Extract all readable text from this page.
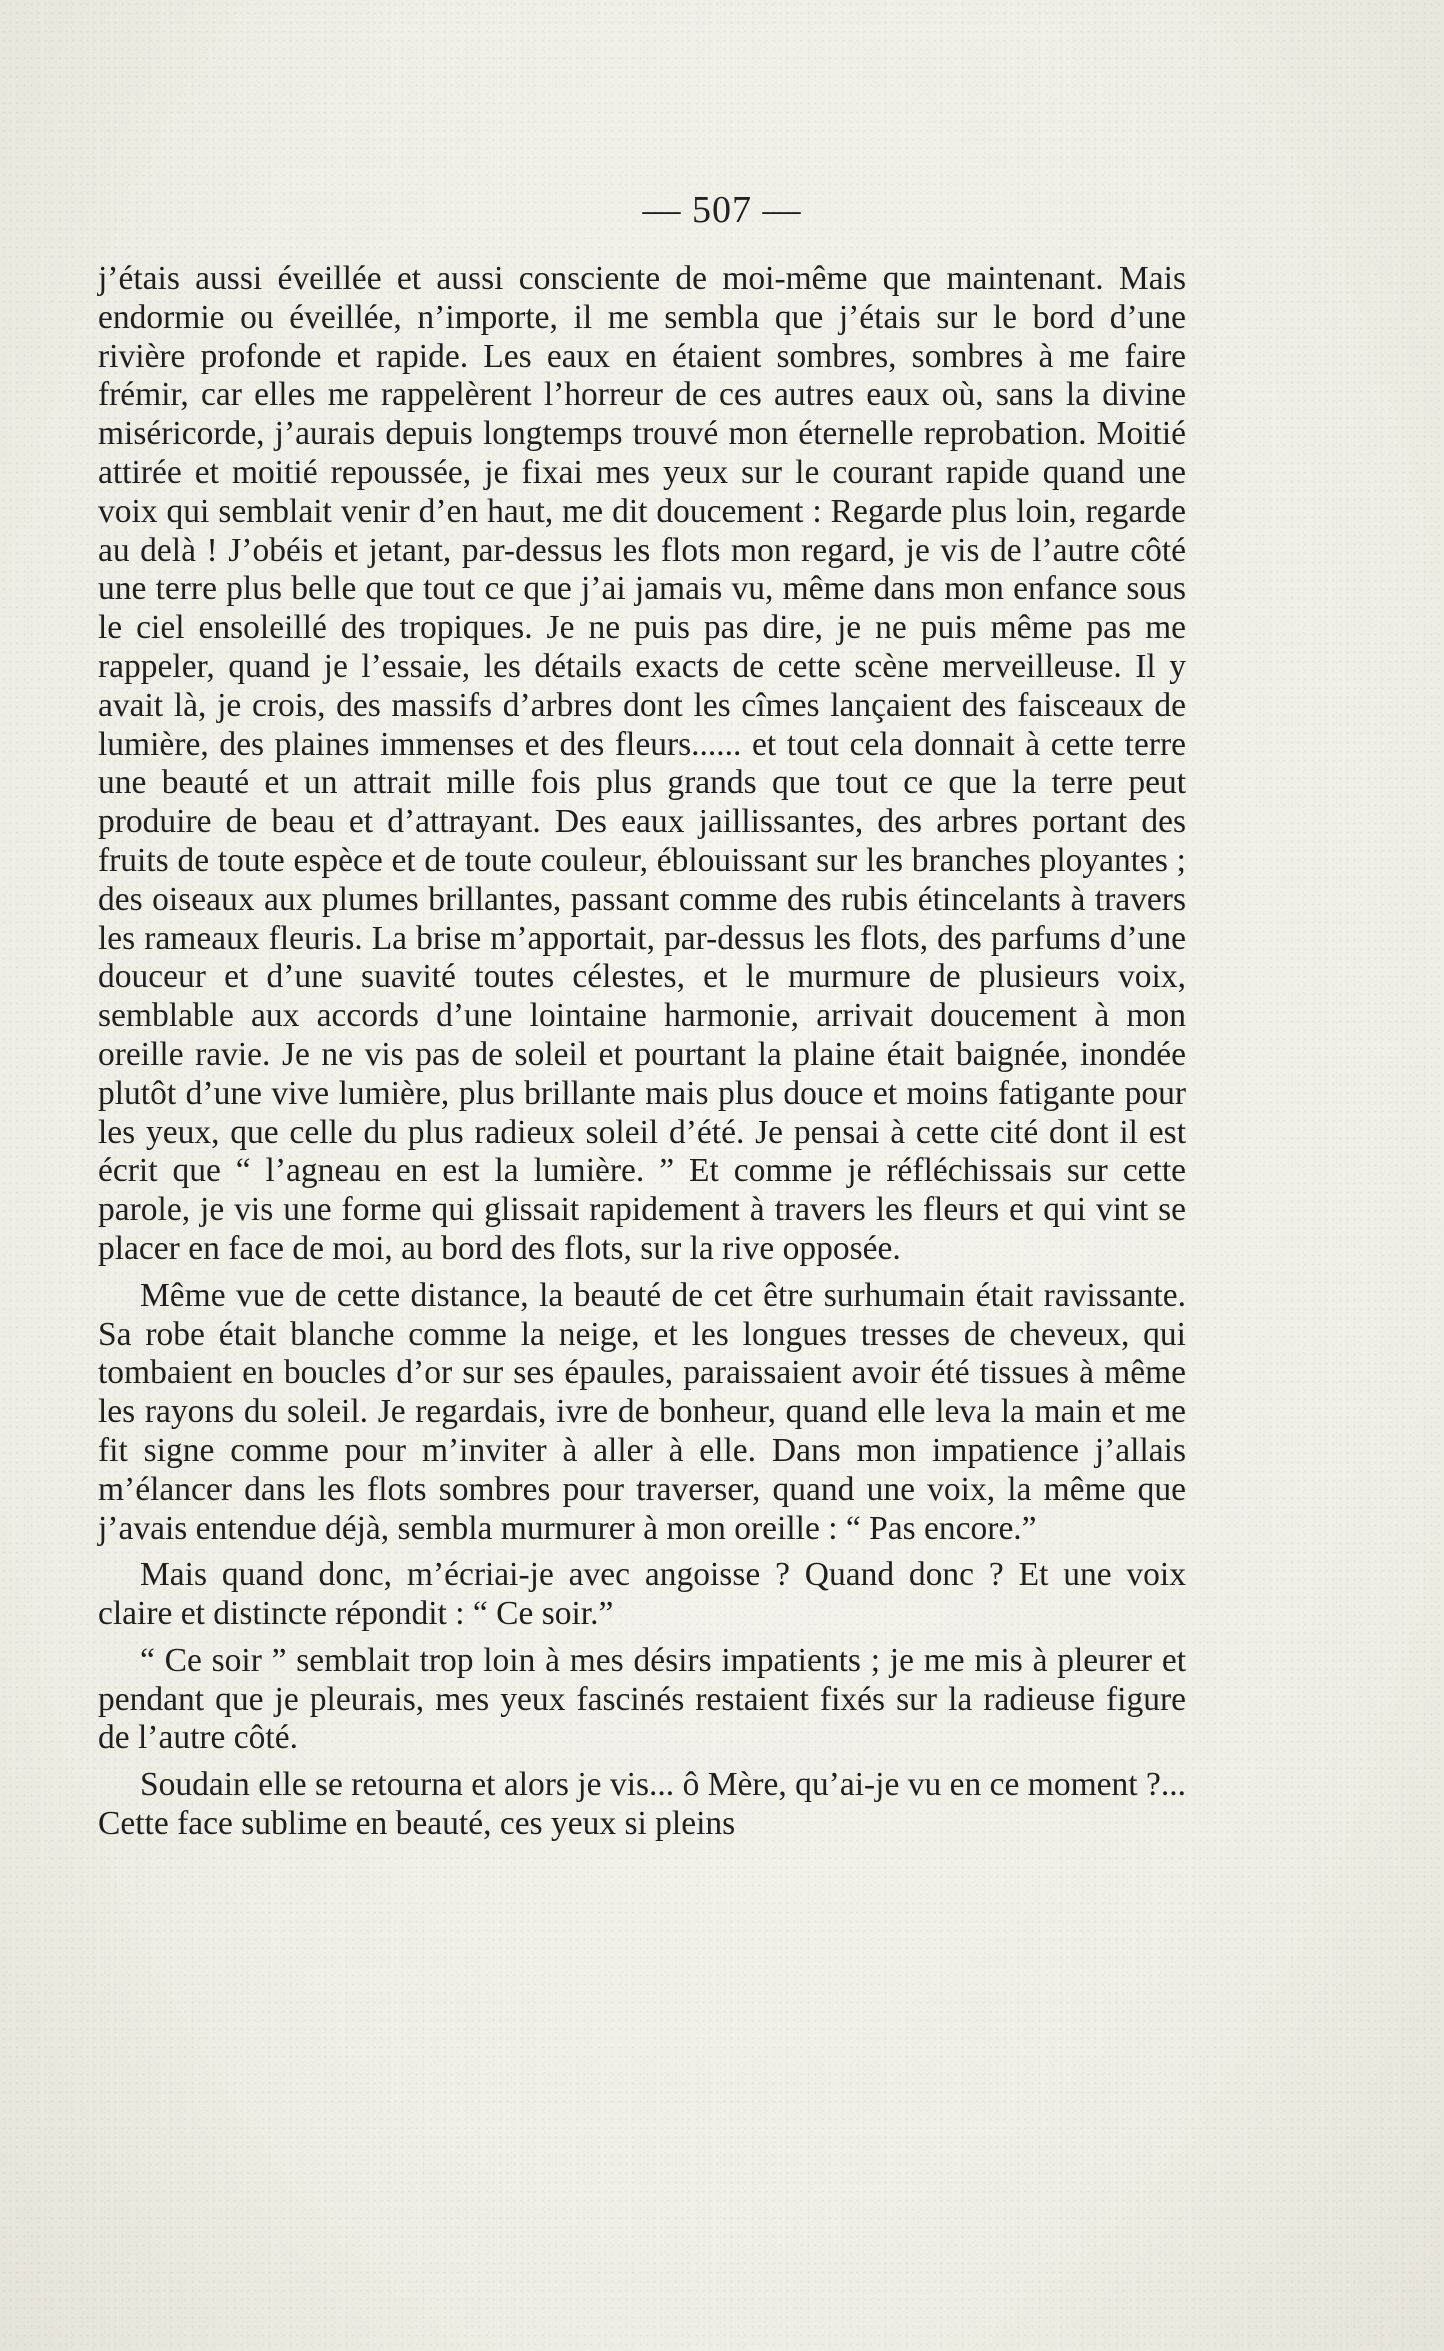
— 507 —

j’étais aussi éveillée et aussi consciente de moi-même que maintenant. Mais endormie ou éveillée, n’importe, il me sembla que j’étais sur le bord d’une rivière profonde et rapide. Les eaux en étaient sombres, sombres à me faire frémir, car elles me rappelèrent l’horreur de ces autres eaux où, sans la divine miséricorde, j’aurais depuis longtemps trouvé mon éternelle reprobation. Moitié attirée et moitié repoussée, je fixai mes yeux sur le courant rapide quand une voix qui semblait venir d’en haut, me dit doucement : Regarde plus loin, regarde au delà ! J’obéis et jetant, par-dessus les flots mon regard, je vis de l’autre côté une terre plus belle que tout ce que j’ai jamais vu, même dans mon enfance sous le ciel ensoleillé des tropiques. Je ne puis pas dire, je ne puis même pas me rappeler, quand je l’essaie, les détails exacts de cette scène merveilleuse. Il y avait là, je crois, des massifs d’arbres dont les cîmes lançaient des faisceaux de lumière, des plaines immenses et des fleurs...... et tout cela donnait à cette terre une beauté et un attrait mille fois plus grands que tout ce que la terre peut produire de beau et d’attrayant. Des eaux jaillissantes, des arbres portant des fruits de toute espèce et de toute couleur, éblouissant sur les branches ployantes ; des oiseaux aux plumes brillantes, passant comme des rubis étincelants à travers les rameaux fleuris. La brise m’apportait, par-dessus les flots, des parfums d’une douceur et d’une suavité toutes célestes, et le murmure de plusieurs voix, semblable aux accords d’une lointaine harmonie, arrivait doucement à mon oreille ravie. Je ne vis pas de soleil et pourtant la plaine était baignée, inondée plutôt d’une vive lumière, plus brillante mais plus douce et moins fatigante pour les yeux, que celle du plus radieux soleil d’été. Je pensai à cette cité dont il est écrit que “ l’agneau en est la lumière. ” Et comme je réfléchissais sur cette parole, je vis une forme qui glissait rapidement à travers les fleurs et qui vint se placer en face de moi, au bord des flots, sur la rive opposée.

Même vue de cette distance, la beauté de cet être surhumain était ravissante. Sa robe était blanche comme la neige, et les longues tresses de cheveux, qui tombaient en boucles d’or sur ses épaules, paraissaient avoir été tissues à même les rayons du soleil. Je regardais, ivre de bonheur, quand elle leva la main et me fit signe comme pour m’inviter à aller à elle. Dans mon impatience j’allais m’élancer dans les flots sombres pour traverser, quand une voix, la même que j’avais entendue déjà, sembla murmurer à mon oreille : “ Pas encore.”

Mais quand donc, m’écriai-je avec angoisse ? Quand donc ? Et une voix claire et distincte répondit : “ Ce soir.”

“ Ce soir ” semblait trop loin à mes désirs impatients ; je me mis à pleurer et pendant que je pleurais, mes yeux fascinés restaient fixés sur la radieuse figure de l’autre côté.

Soudain elle se retourna et alors je vis... ô Mère, qu’ai-je vu en ce moment ?... Cette face sublime en beauté, ces yeux si pleins
